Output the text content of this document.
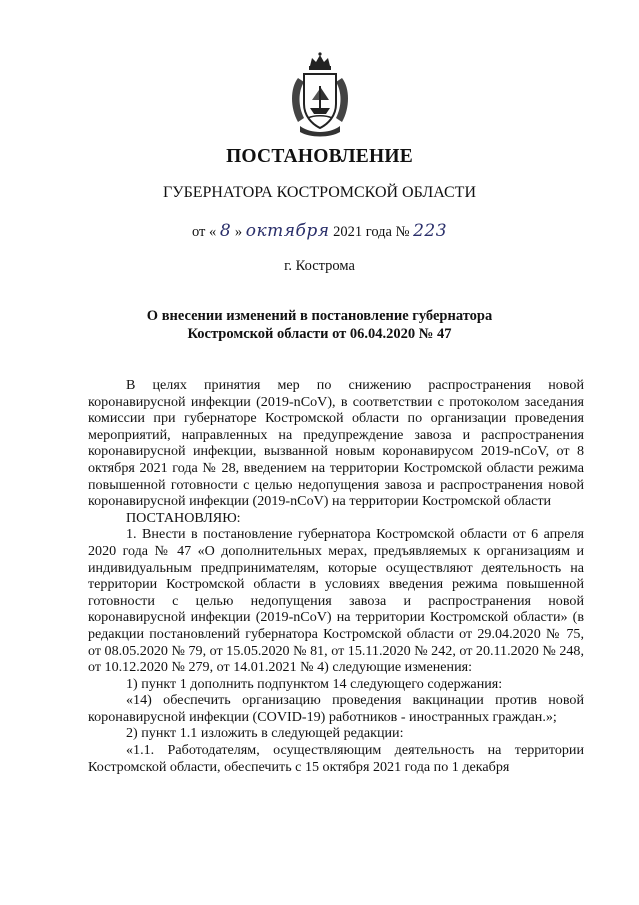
ПОСТАНОВЛЕНИЕ
ГУБЕРНАТОРА КОСТРОМСКОЙ ОБЛАСТИ
от « 8 » октября 2021 года № 223
г. Кострома
О внесении изменений в постановление губернатора
Костромской области от 06.04.2020 № 47

В целях принятия мер по снижению распространения новой коронавирусной инфекции (2019-nCoV), в соответствии с протоколом заседания комиссии при губернаторе Костромской области по организации проведения мероприятий, направленных на предупреждение завоза и распространения коронавирусной инфекции, вызванной новым коронавирусом 2019-nCoV, от 8 октября 2021 года № 28, введением на территории Костромской области режима повышенной готовности с целью недопущения завоза и распространения новой коронавирусной инфекции (2019-nCoV) на территории Костромской области

ПОСТАНОВЛЯЮ:

1. Внести в постановление губернатора Костромской области от 6 апреля 2020 года № 47 «О дополнительных мерах, предъявляемых к организациям и индивидуальным предпринимателям, которые осуществляют деятельность на территории Костромской области в условиях введения режима повышенной готовности с целью недопущения завоза и распространения новой коронавирусной инфекции (2019-nCoV) на территории Костромской области» (в редакции постановлений губернатора Костромской области от 29.04.2020 № 75, от 08.05.2020 № 79, от 15.05.2020 № 81, от 15.11.2020 № 242, от 20.11.2020 № 248, от 10.12.2020 № 279, от 14.01.2021 № 4) следующие изменения:

1) пункт 1 дополнить подпунктом 14 следующего содержания:

«14) обеспечить организацию проведения вакцинации против новой коронавирусной инфекции (COVID-19) работников - иностранных граждан.»;

2) пункт 1.1 изложить в следующей редакции:

«1.1. Работодателям, осуществляющим деятельность на территории Костромской области, обеспечить с 15 октября 2021 года по 1 декабря
